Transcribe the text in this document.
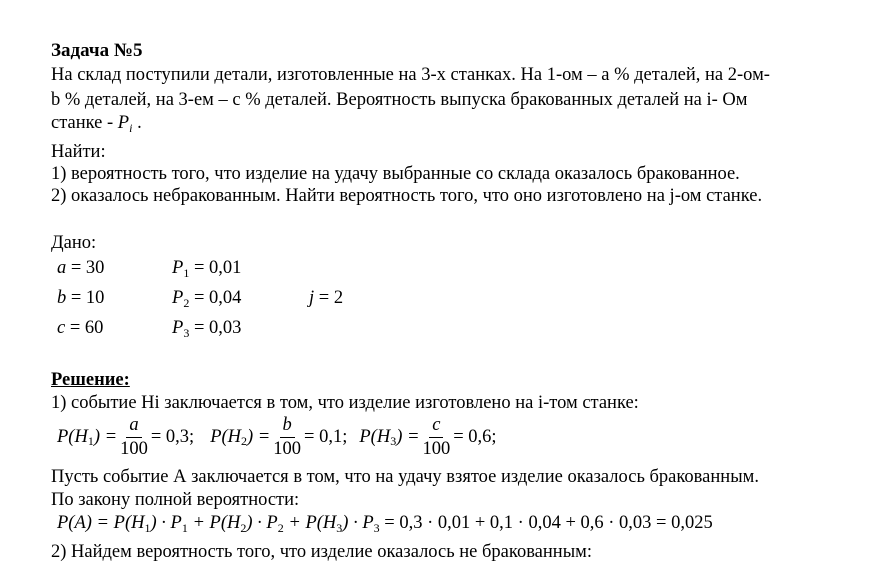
Задача №5
На склад поступили детали, изготовленные на 3-х станках. На 1-ом – а % деталей, на 2-ом-
b % деталей, на 3-ем – с % деталей. Вероятность выпуска бракованных деталей на i- Ом
станке - $P_i$ .
Найти:
1) вероятность того, что изделие на удачу выбранные со склада оказалось бракованное.
2) оказалось небракованным. Найти вероятность того, что оно изготовлено на j-ом станке.
Дано:
a = 30
b = 10
c = 60
$P_1 = 0,01$
$P_2 = 0,04$
$P_3 = 0,03$
j = 2
Решение:
1) событие Hi заключается в том, что изделие изготовлено на i-том станке:
P(H 1 ) = $\frac{a}{100} = 0,3$; P(H 2 ) = $\frac{b}{100} = 0,1$; P(H 3 ) = $\frac{c}{100} = 0,6$;
Пусть событие А заключается в том, что на удачу взятое изделие оказалось бракованным.
По закону полной вероятности:
$P(A) = P(H_1) \cdot P_1 + P(H_2) \cdot P_2 + P(H_3) \cdot P_3 = 0,3 \cdot 0,01 + 0,1 \cdot 0,04 + 0,6 \cdot 0,03 = 0,025$
2) Найдем вероятность того, что изделие оказалось не бракованным:
